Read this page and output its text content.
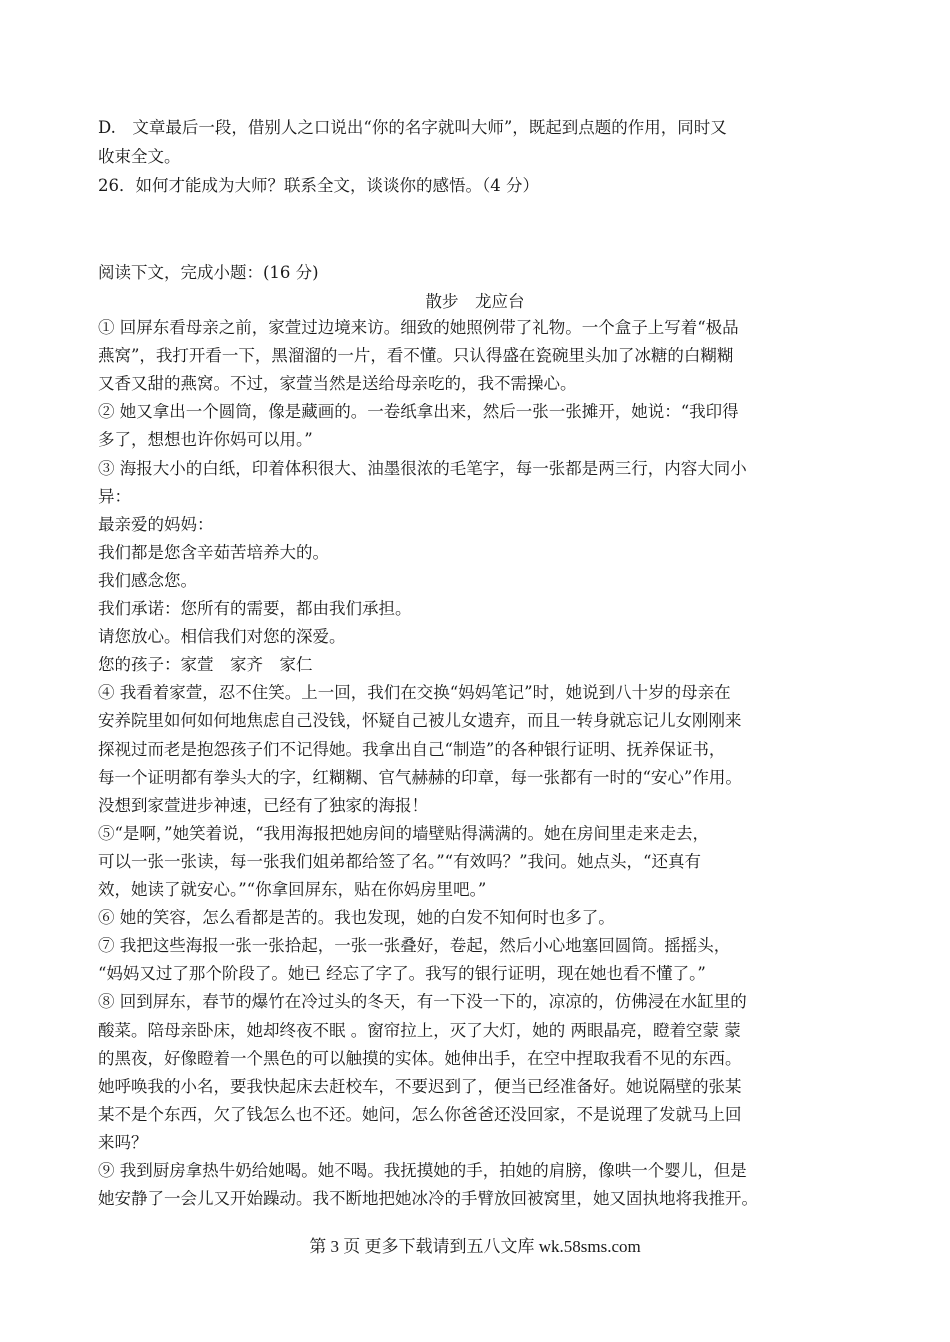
D.　文章最后一段，借别人之口说出“你的名字就叫大师”，既起到点题的作用，同时又
收束全文。
26．如何才能成为大师？联系全文，谈谈你的感悟。（4 分）
阅读下文，完成小题：(16 分)
散步　龙应台
① 回屏东看母亲之前，家萱过边境来访。细致的她照例带了礼物。一个盒子上写着“极品
燕窝”，我打开看一下，黑溜溜的一片，看不懂。只认得盛在瓷碗里头加了冰糖的白糊糊
又香又甜的燕窝。不过，家萱当然是送给母亲吃的，我不需操心。
② 她又拿出一个圆筒，像是藏画的。一卷纸拿出来，然后一张一张摊开，她说：“我印得
多了，想想也许你妈可以用。”
③ 海报大小的白纸，印着体积很大、油墨很浓的毛笔字，每一张都是两三行，内容大同小
异：
最亲爱的妈妈：
我们都是您含辛茹苦培养大的。
我们感念您。
我们承诺：您所有的需要，都由我们承担。
请您放心。相信我们对您的深爱。
您的孩子：家萱　家齐　家仁
④ 我看着家萱，忍不住笑。上一回，我们在交换“妈妈笔记”时，她说到八十岁的母亲在
安养院里如何如何地焦虑自己没钱，怀疑自己被儿女遗弃，而且一转身就忘记儿女刚刚来
探视过而老是抱怨孩子们不记得她。我拿出自己“制造”的各种银行证明、抚养保证书，
每一个证明都有拳头大的字，红糊糊、官气赫赫的印章，每一张都有一时的“安心”作用。
没想到家萱进步神速，已经有了独家的海报！
⑤“是啊，”她笑着说，“我用海报把她房间的墙壁贴得满满的。她在房间里走来走去，
可以一张一张读，每一张我们姐弟都给签了名。”“有效吗？”我问。她点头，“还真有
效，她读了就安心。”“你拿回屏东，贴在你妈房里吧。”
⑥ 她的笑容，怎么看都是苦的。我也发现，她的白发不知何时也多了。
⑦ 我把这些海报一张一张拾起，一张一张叠好，卷起，然后小心地塞回圆筒。摇摇头，
“妈妈又过了那个阶段了。她已 经忘了字了。我写的银行证明，现在她也看不懂了。”
⑧ 回到屏东，春节的爆竹在冷过头的冬天，有一下没一下的，凉凉的，仿佛浸在水缸里的
酸菜。陪母亲卧床，她却终夜不眠 。窗帘拉上，灭了大灯，她的 两眼晶亮，瞪着空蒙 蒙
的黑夜，好像瞪着一个黑色的可以触摸的实体。她伸出手，在空中捏取我看不见的东西。
她呼唤我的小名，要我快起床去赶校车，不要迟到了，便当已经准备好。她说隔壁的张某
某不是个东西，欠了钱怎么也不还。她问，怎么你爸爸还没回家，不是说理了发就马上回
来吗？
⑨ 我到厨房拿热牛奶给她喝。她不喝。我抚摸她的手，拍她的肩膀，像哄一个婴儿，但是
她安静了一会儿又开始躁动。我不断地把她冰冷的手臂放回被窝里，她又固执地将我推开。
第 3 页 更多下载请到五八文库 wk.58sms.com
